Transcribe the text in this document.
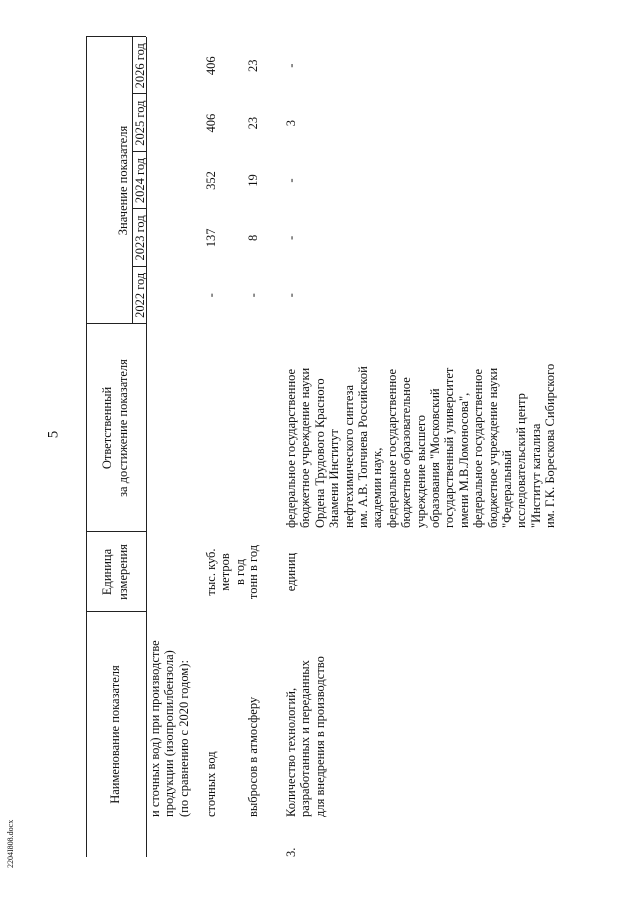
5
2204I808.docx
Наименование показателя
Единица измерения
Ответственный за достижение показателя
Значение показателя
2022 год
2023 год
2024 год
2025 год
2026 год
и сточных вод) при производстве продукции (изопропилбензола) (по сравнению с 2020 годом): сточных вод
тыс. куб. метров в год
-
137
352
406
406
выбросов в атмосферу
тонн в год
-
8
19
23
23
3.
Количество технологий, разработанных и переданных для внедрения в производство
единиц
федеральное государственное бюджетное учреждение науки Ордена Трудового Красного Знамени Институт нефтехимического синтеза им. А.В. Топчиева Российской академии наук, федеральное государственное бюджетное образовательное учреждение высшего образования "Московский государственный университет имени М.В.Ломоносова", федеральное государственное бюджетное учреждение науки "Федеральный исследовательский центр "Институт катализа им. Г.К. Борескова Сибирского
-
-
-
3
-
